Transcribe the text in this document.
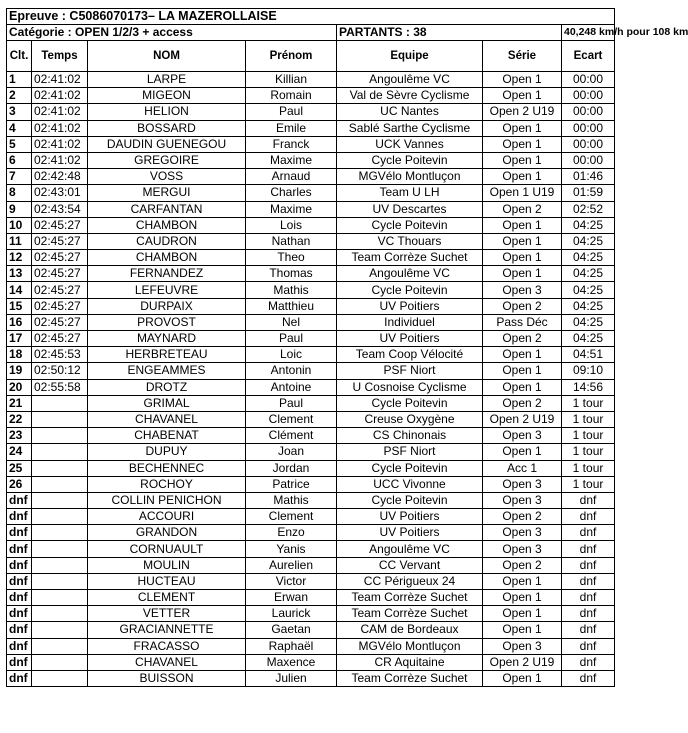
Epreuve : C5086070173– LA MAZEROLLAISE						
Catégorie : OPEN 1/2/3 + access				PARTANTS : 38		40,248 km/h pour 108 km
Clt.	Temps	NOM	Prénom	Equipe	Série	Ecart
1	02:41:02	LARPE	Killian	Angoulême VC	Open 1	00:00
2	02:41:02	MIGEON	Romain	Val de Sèvre Cyclisme	Open 1	00:00
3	02:41:02	HELION	Paul	UC Nantes	Open 2 U19	00:00
4	02:41:02	BOSSARD	Emile	Sablé Sarthe Cyclisme	Open 1	00:00
5	02:41:02	DAUDIN GUENEGOU	Franck	UCK Vannes	Open 1	00:00
6	02:41:02	GREGOIRE	Maxime	Cycle Poitevin	Open 1	00:00
7	02:42:48	VOSS	Arnaud	MGVélo Montluçon	Open 1	01:46
8	02:43:01	MERGUI	Charles	Team U LH	Open 1 U19	01:59
9	02:43:54	CARFANTAN	Maxime	UV Descartes	Open 2	02:52
10	02:45:27	CHAMBON	Lois	Cycle Poitevin	Open 1	04:25
11	02:45:27	CAUDRON	Nathan	VC Thouars	Open 1	04:25
12	02:45:27	CHAMBON	Theo	Team Corrèze Suchet	Open 1	04:25
13	02:45:27	FERNANDEZ	Thomas	Angoulême VC	Open 1	04:25
14	02:45:27	LEFEUVRE	Mathis	Cycle Poitevin	Open 3	04:25
15	02:45:27	DURPAIX	Matthieu	UV Poitiers	Open 2	04:25
16	02:45:27	PROVOST	Nel	Individuel	Pass Déc	04:25
17	02:45:27	MAYNARD	Paul	UV Poitiers	Open 2	04:25
18	02:45:53	HERBRETEAU	Loic	Team Coop Vélocité	Open 1	04:51
19	02:50:12	ENGEAMMES	Antonin	PSF Niort	Open 1	09:10
20	02:55:58	DROTZ	Antoine	U Cosnoise Cyclisme	Open 1	14:56
21		GRIMAL	Paul	Cycle Poitevin	Open 2	1 tour
22		CHAVANEL	Clement	Creuse Oxygène	Open 2 U19	1 tour
23		CHABENAT	Clément	CS Chinonais	Open 3	1 tour
24		DUPUY	Joan	PSF Niort	Open 1	1 tour
25		BECHENNEC	Jordan	Cycle Poitevin	Acc 1	1 tour
26		ROCHOY	Patrice	UCC Vivonne	Open 3	1 tour
dnf		COLLIN PENICHON	Mathis	Cycle Poitevin	Open 3	dnf
dnf		ACCOURI	Clement	UV Poitiers	Open 2	dnf
dnf		GRANDON	Enzo	UV Poitiers	Open 3	dnf
dnf		CORNUAULT	Yanis	Angoulême VC	Open 3	dnf
dnf		MOULIN	Aurelien	CC Vervant	Open 2	dnf
dnf		HUCTEAU	Victor	CC Périgueux 24	Open 1	dnf
dnf		CLEMENT	Erwan	Team Corrèze Suchet	Open 1	dnf
dnf		VETTER	Laurick	Team Corrèze Suchet	Open 1	dnf
dnf		GRACIANNETTE	Gaetan	CAM de Bordeaux	Open 1	dnf
dnf		FRACASSO	Raphaël	MGVélo Montluçon	Open 3	dnf
dnf		CHAVANEL	Maxence	CR Aquitaine	Open 2 U19	dnf
dnf		BUISSON	Julien	Team Corrèze Suchet	Open 1	dnf
